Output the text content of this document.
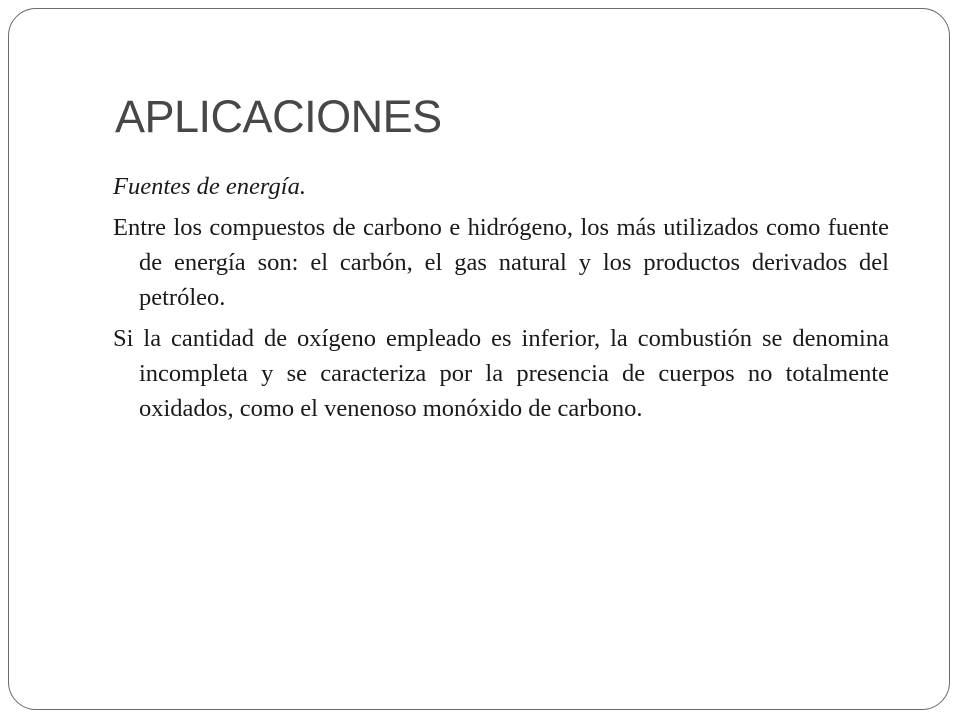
APLICACIONES

Fuentes de energía.

Entre los compuestos de carbono e hidrógeno, los más utilizados como fuente de energía son: el carbón, el gas natural y los productos derivados del petróleo.

Si la cantidad de oxígeno empleado es inferior, la combustión se denomina incompleta y se caracteriza por la presencia de cuerpos no totalmente oxidados, como el venenoso monóxido de carbono.
